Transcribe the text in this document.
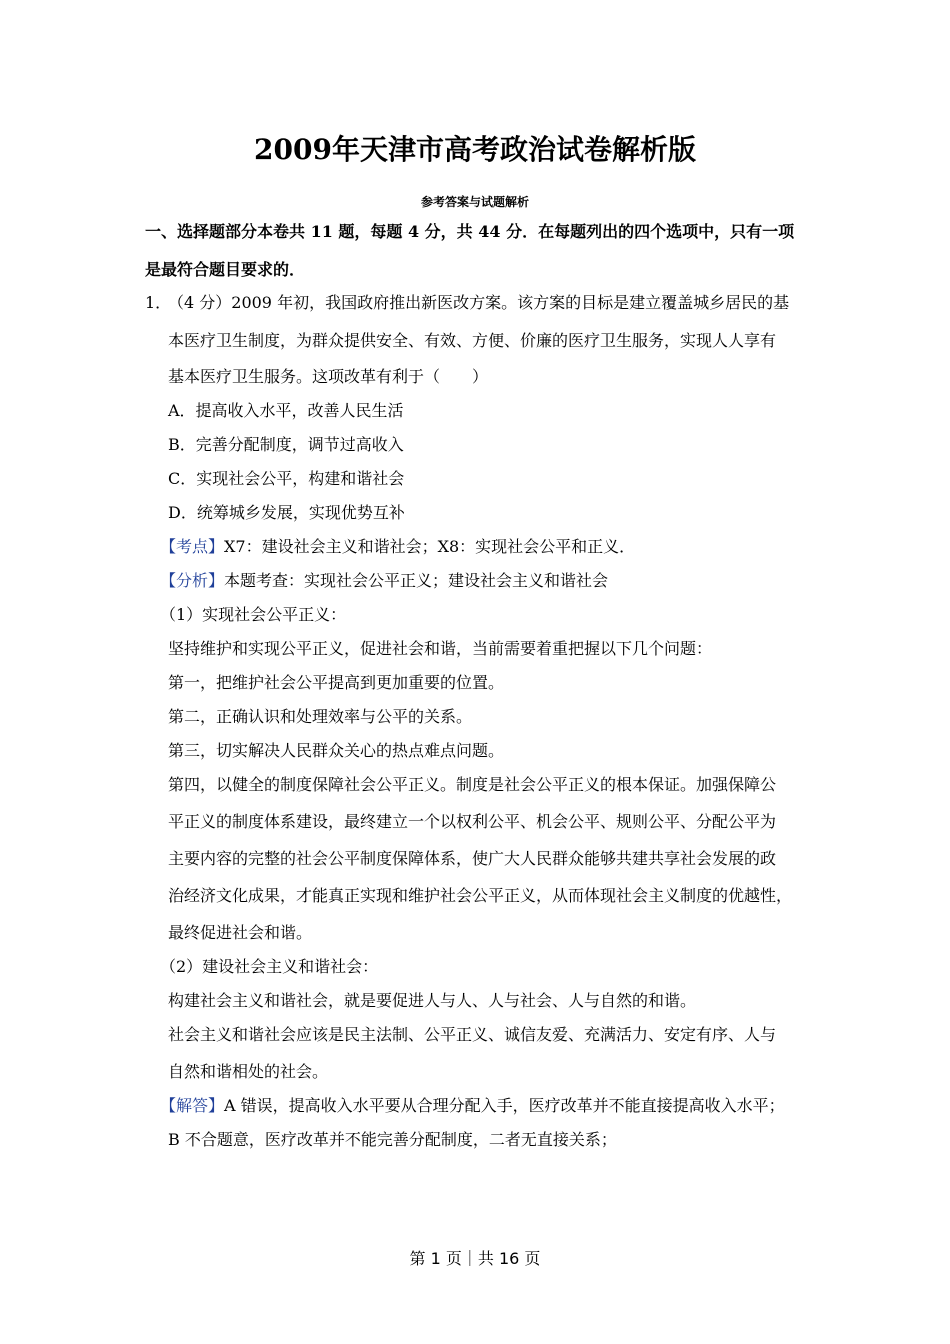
2009年天津市高考政治试卷解析版
参考答案与试题解析
一、选择题部分本卷共 11 题，每题 4 分，共 44 分．在每题列出的四个选项中，只有一项
是最符合题目要求的．
1．
（4 分）2009 年初，我国政府推出新医改方案。该方案的目标是建立覆盖城乡居民的基
本医疗卫生制度，为群众提供安全、有效、方便、价廉的医疗卫生服务，实现人人享有
基本医疗卫生服务。这项改革有利于（　　）
A．提高收入水平，改善人民生活
B．完善分配制度，调节过高收入
C．实现社会公平，构建和谐社会
D．统筹城乡发展，实现优势互补
【考点】X7：建设社会主义和谐社会；X8：实现社会公平和正义．
【分析】本题考查：实现社会公平正义；建设社会主义和谐社会
（1）实现社会公平正义：
坚持维护和实现公平正义，促进社会和谐，当前需要着重把握以下几个问题：
第一，把维护社会公平提高到更加重要的位置。
第二，正确认识和处理效率与公平的关系。
第三，切实解决人民群众关心的热点难点问题。
第四，以健全的制度保障社会公平正义。制度是社会公平正义的根本保证。加强保障公
平正义的制度体系建设，最终建立一个以权利公平、机会公平、规则公平、分配公平为
主要内容的完整的社会公平制度保障体系，使广大人民群众能够共建共享社会发展的政
治经济文化成果，才能真正实现和维护社会公平正义，从而体现社会主义制度的优越性，
最终促进社会和谐。
（2）建设社会主义和谐社会：
构建社会主义和谐社会，就是要促进人与人、人与社会、人与自然的和谐。
社会主义和谐社会应该是民主法制、公平正义、诚信友爱、充满活力、安定有序、人与
自然和谐相处的社会。
【解答】A 错误，提高收入水平要从合理分配入手，医疗改革并不能直接提高收入水平；
B 不合题意，医疗改革并不能完善分配制度，二者无直接关系；
第 1 页｜共 16 页
